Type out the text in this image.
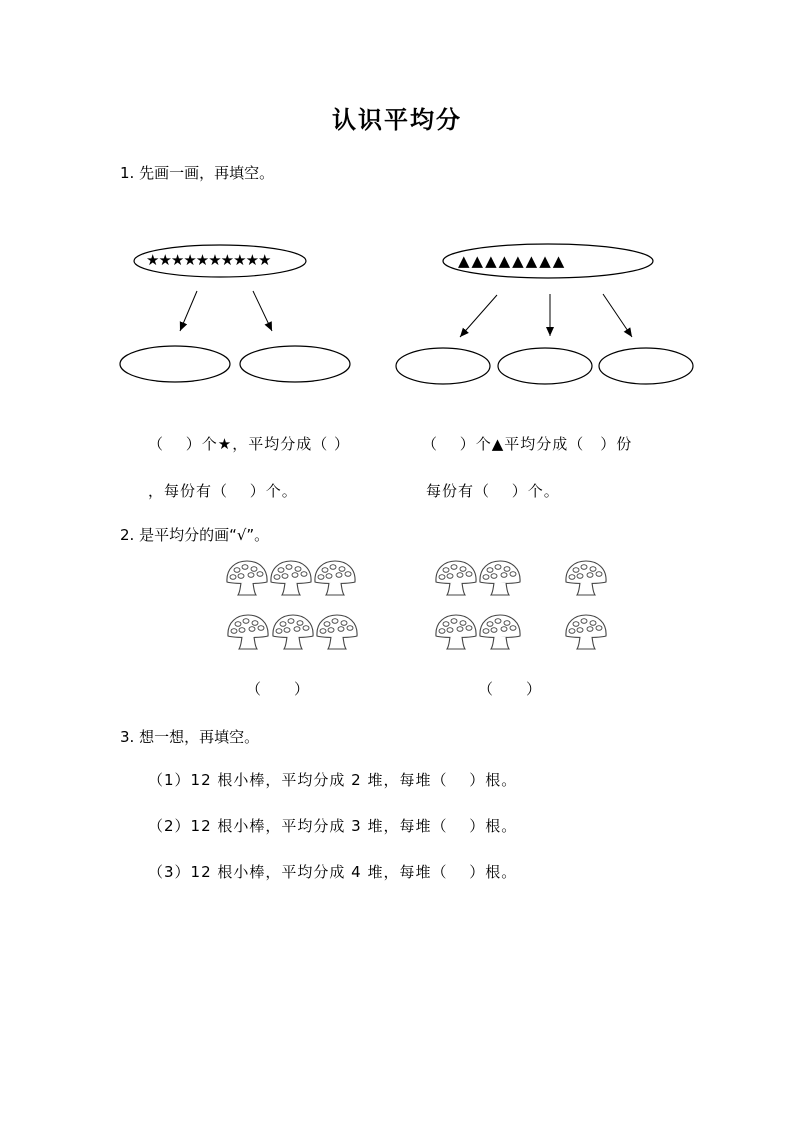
认识平均分
1. 先画一画，再填空。
★★★★★★★★★★	▲▲▲▲▲▲▲▲
（　 ）个★，平均分成（ ）
，每份有（　 ）个。
（　 ）个▲平均分成（　）份
每份有（　 ）个。
2. 是平均分的画“√”。
（　　）	（　　）
3. 想一想，再填空。
（1）12 根小棒，平均分成 2 堆，每堆（　 ）根。
（2）12 根小棒，平均分成 3 堆，每堆（　 ）根。
（3）12 根小棒，平均分成 4 堆，每堆（　 ）根。
